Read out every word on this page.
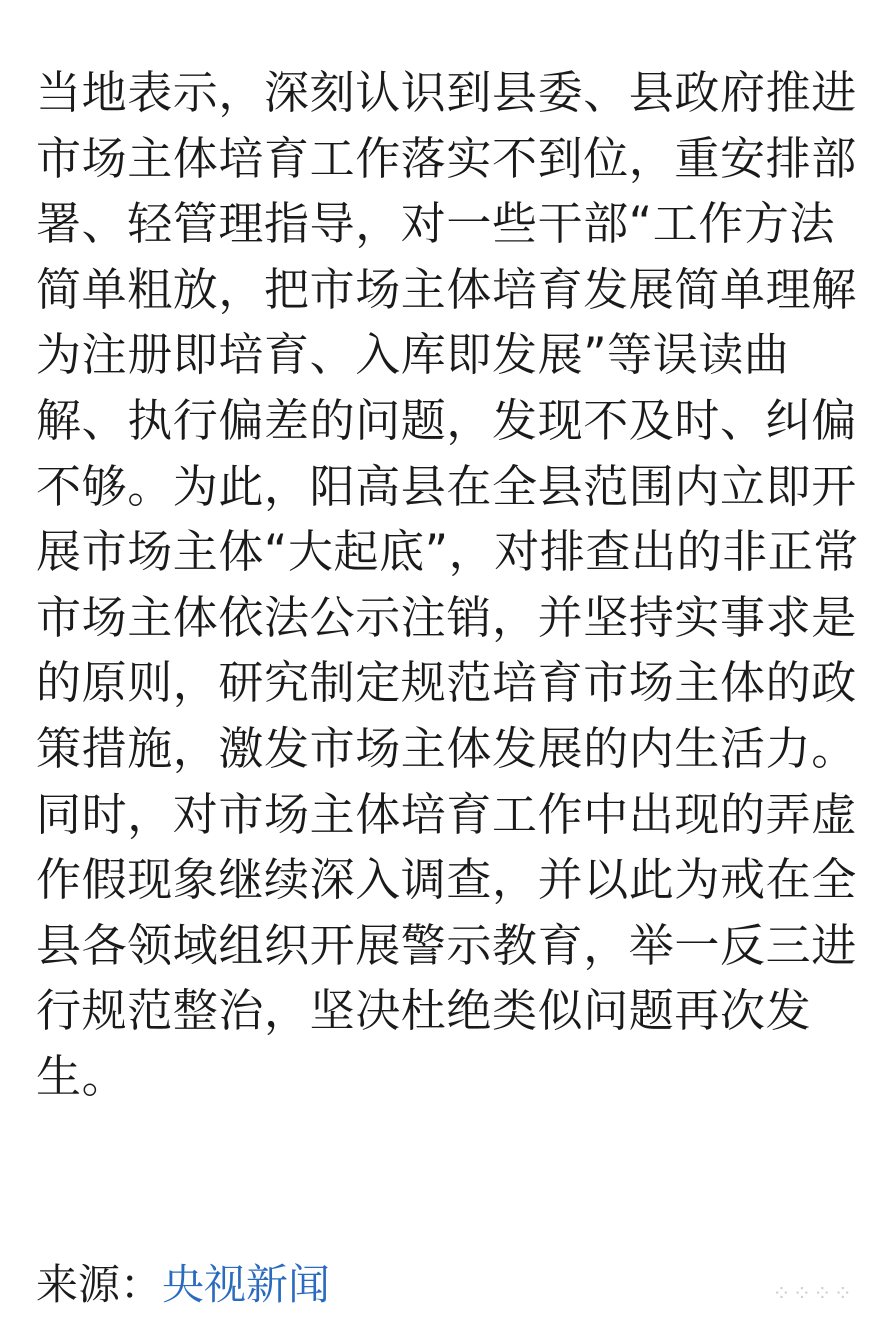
当地表示，深刻认识到县委、县政府推进
市场主体培育工作落实不到位，重安排部
署、轻管理指导，对一些干部“工作方法
简单粗放，把市场主体培育发展简单理解
为注册即培育、入库即发展”等误读曲
解、执行偏差的问题，发现不及时、纠偏
不够。为此，阳高县在全县范围内立即开
展市场主体“大起底”，对排查出的非正常
市场主体依法公示注销，并坚持实事求是
的原则，研究制定规范培育市场主体的政
策措施，激发市场主体发展的内生活力。
同时，对市场主体培育工作中出现的弄虚
作假现象继续深入调查，并以此为戒在全
县各领域组织开展警示教育，举一反三进
行规范整治，坚决杜绝类似问题再次发
生。
来源：央视新闻	⁘⁘⁘⁘
